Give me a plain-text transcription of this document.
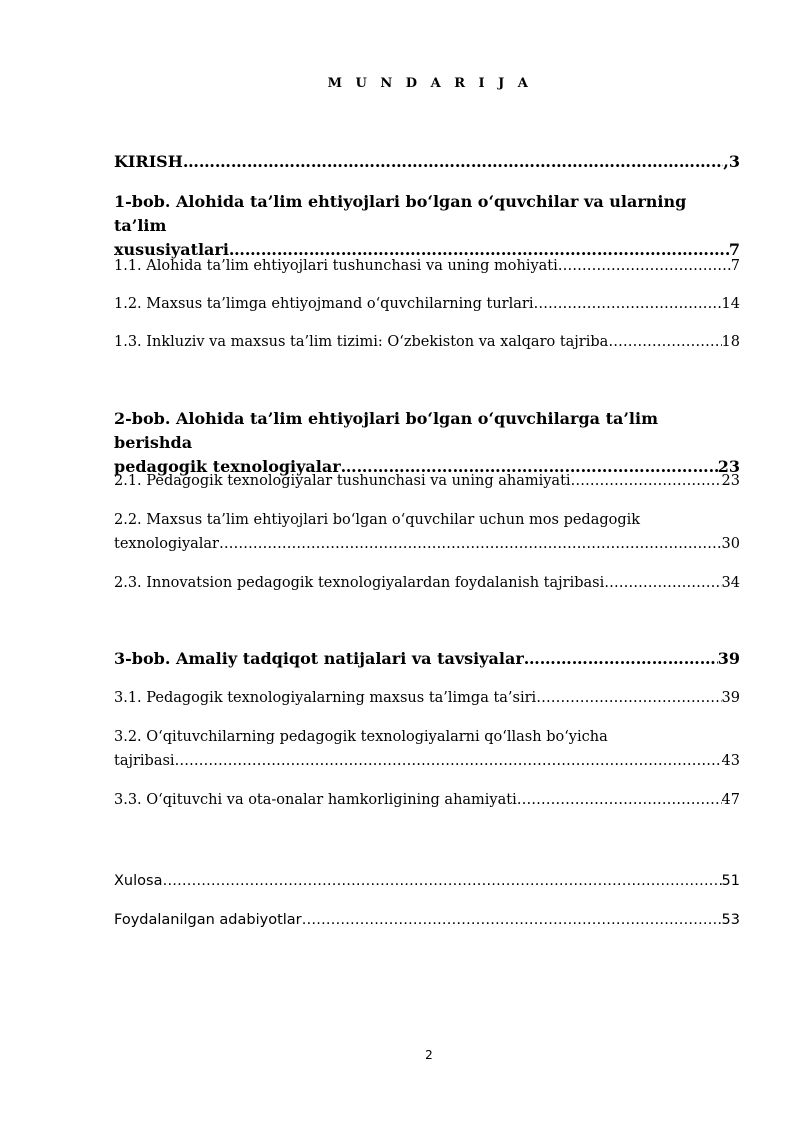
M U N D A R I J A
KIRISH ………………………………………………………………………………………………………………………………………………	,3
1-bob. Alohida ta’lim ehtiyojlari bo‘lgan o‘quvchilar va ularning ta’lim
xususiyatlari ………………………………………………………………………………………………………………………………………………	7
1.1. Alohida ta’lim ehtiyojlari tushunchasi va uning mohiyati ………………………………………………………………………………………………………………………………………………	7
1.2. Maxsus ta’limga ehtiyojmand o‘quvchilarning turlari ………………………………………………………………………………………………………………………………………………	14
1.3. Inkluziv va maxsus ta’lim tizimi: O‘zbekiston va xalqaro tajriba ………………………………………………………………………………………………………………………………………………	18
2-bob. Alohida ta’lim ehtiyojlari bo‘lgan o‘quvchilarga ta’lim berishda
pedagogik texnologiyalar ………………………………………………………………………………………………………………………………………………	23
2.1. Pedagogik texnologiyalar tushunchasi va uning ahamiyati ………………………………………………………………………………………………………………………………………………	23
2.2. Maxsus ta’lim ehtiyojlari bo‘lgan o‘quvchilar uchun mos pedagogik
texnologiyalar ………………………………………………………………………………………………………………………………………………	30
2.3. Innovatsion pedagogik texnologiyalardan foydalanish tajribasi ………………………………………………………………………………………………………………………………………………	34
3-bob. Amaliy tadqiqot natijalari va tavsiyalar ………………………………………………………………………………………………………………………………………………	39
3.1. Pedagogik texnologiyalarning maxsus ta’limga ta’siri ………………………………………………………………………………………………………………………………………………	39
3.2. O‘qituvchilarning pedagogik texnologiyalarni qo‘llash bo‘yicha
tajribasi ………………………………………………………………………………………………………………………………………………	43
3.3. O‘qituvchi va ota-onalar hamkorligining ahamiyati ………………………………………………………………………………………………………………………………………………	47
Xulosa ………………………………………………………………………………………………………………………………………………	51
Foydalanilgan adabiyotlar ………………………………………………………………………………………………………………………………………………	53
2
